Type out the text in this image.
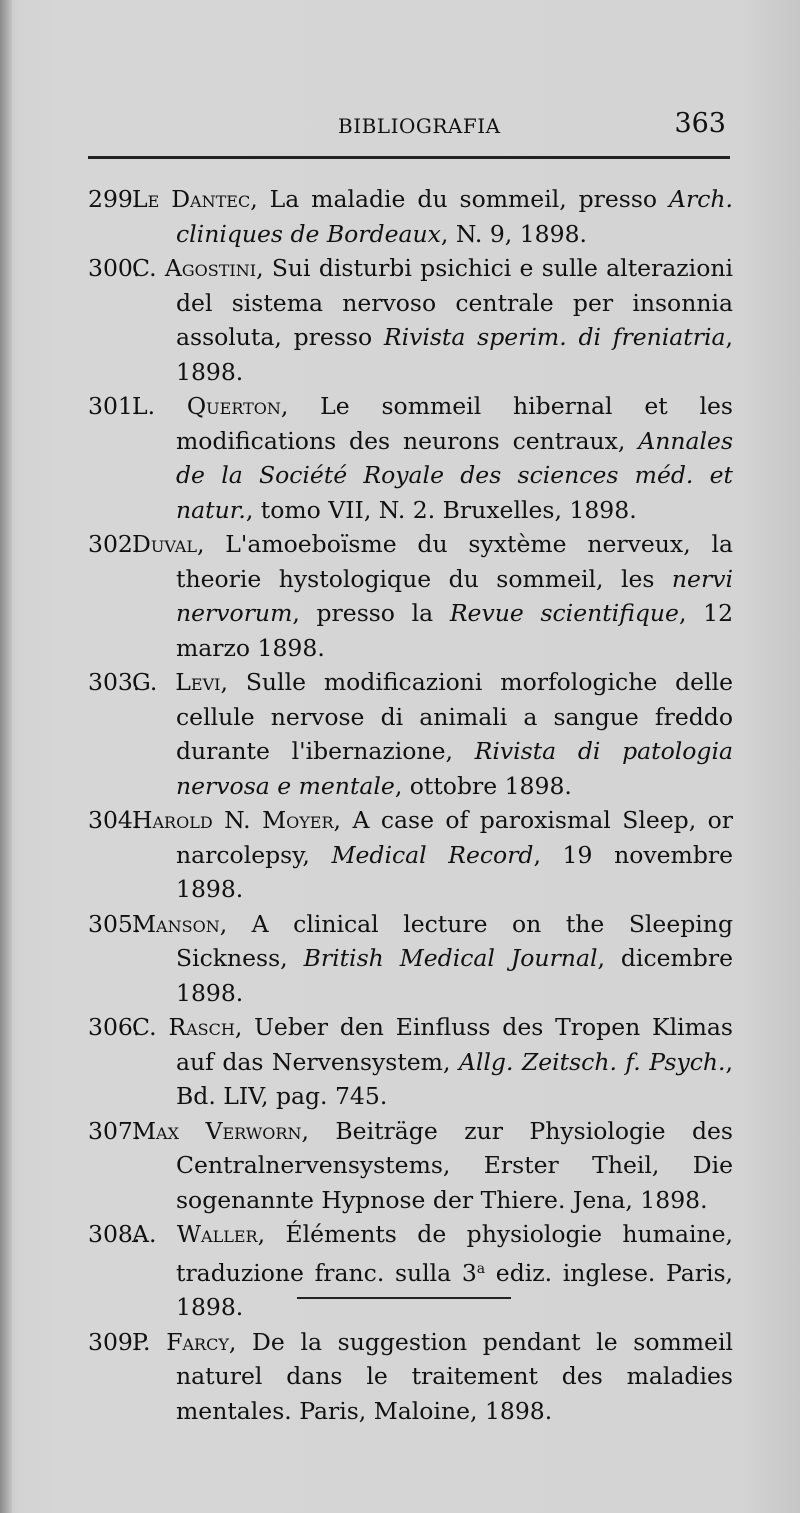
BIBLIOGRAFIA	363

299.Le Dantec, La maladie du sommeil, presso Arch. cliniques de Bordeaux, N. 9, 1898.

300.C. Agostini, Sui disturbi psichici e sulle alterazioni del sistema nervoso centrale per insonnia assoluta, presso Rivista sperim. di freniatria, 1898.

301.L. Querton, Le sommeil hibernal et les modifications des neurons centraux, Annales de la Société Royale des sciences méd. et natur., tomo VII, N. 2. Bruxelles, 1898.

302.Duval, L'amoeboïsme du syxtème nerveux, la theorie hystologique du sommeil, les nervi nervorum, presso la Revue scientifique, 12 marzo 1898.

303.G. Levi, Sulle modificazioni morfologiche delle cellule nervose di animali a sangue freddo durante l'ibernazione, Rivista di patologia nervosa e mentale, ottobre 1898.

304.Harold N. Moyer, A case of paroxismal Sleep, or narcolepsy, Medical Record, 19 novembre 1898.

305.Manson, A clinical lecture on the Sleeping Sickness, British Medical Journal, dicembre 1898.

306.C. Rasch, Ueber den Einfluss des Tropen Klimas auf das Nervensystem, Allg. Zeitsch. f. Psych., Bd. LIV, pag. 745.

307.Max Verworn, Beiträge zur Physiologie des Centralnervensystems, Erster Theil, Die sogenannte Hypnose der Thiere. Jena, 1898.

308.A. Waller, Éléments de physiologie humaine, traduzione franc. sulla 3$^a$ ediz. inglese. Paris, 1898.

309.P. Farcy, De la suggestion pendant le sommeil naturel dans le traitement des maladies mentales. Paris, Maloine, 1898.
